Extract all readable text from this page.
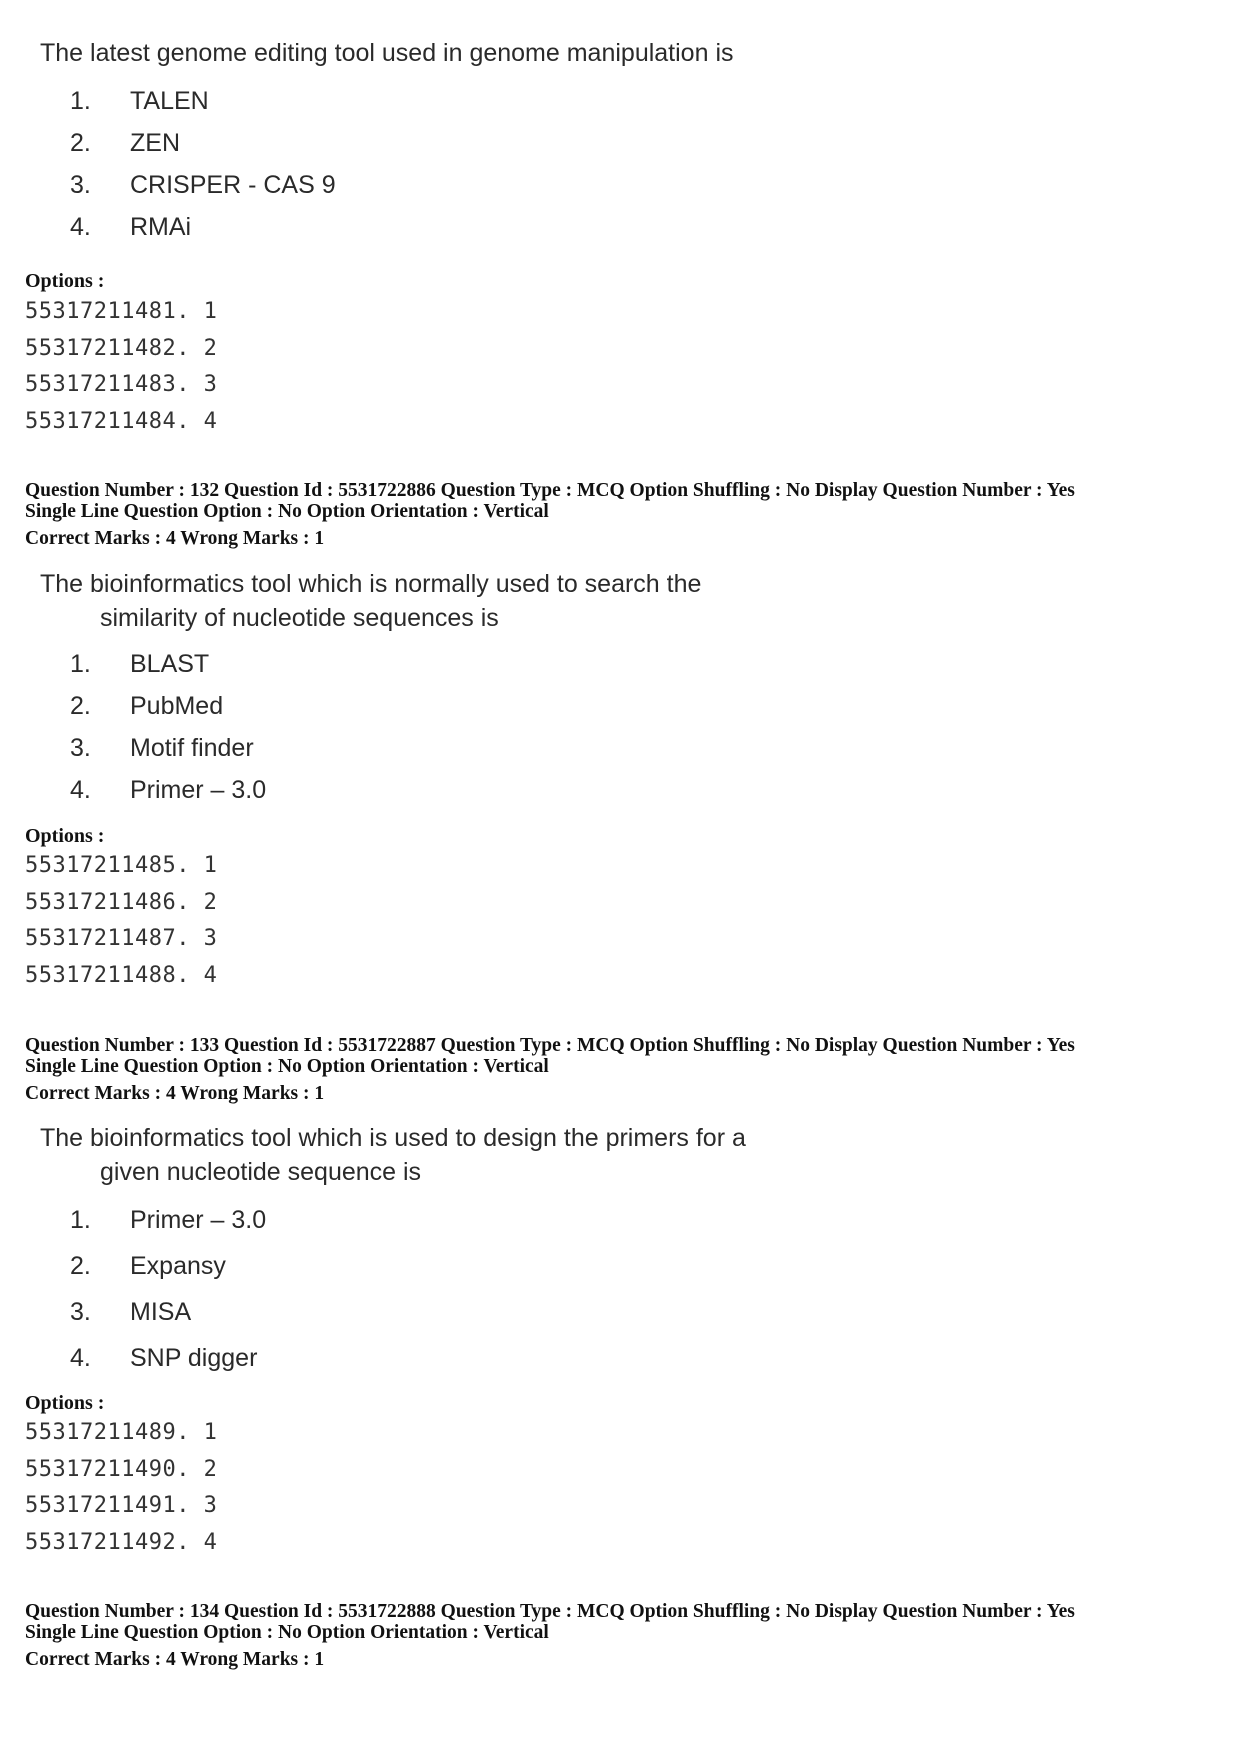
The latest genome editing tool used in genome manipulation is
1. TALEN
2. ZEN
3. CRISPER - CAS 9
4. RMAi
Options :
55317211481. 1
55317211482. 2
55317211483. 3
55317211484. 4
Question Number : 132 Question Id : 5531722886 Question Type : MCQ Option Shuffling : No Display Question Number : Yes
Single Line Question Option : No Option Orientation : Vertical
Correct Marks : 4 Wrong Marks : 1
The bioinformatics tool which is normally used to search the
similarity of nucleotide sequences is
1. BLAST
2. PubMed
3. Motif finder
4. Primer – 3.0
Options :
55317211485. 1
55317211486. 2
55317211487. 3
55317211488. 4
Question Number : 133 Question Id : 5531722887 Question Type : MCQ Option Shuffling : No Display Question Number : Yes
Single Line Question Option : No Option Orientation : Vertical
Correct Marks : 4 Wrong Marks : 1
The bioinformatics tool which is used to design the primers for a
given nucleotide sequence is
1. Primer – 3.0
2. Expansy
3. MISA
4. SNP digger
Options :
55317211489. 1
55317211490. 2
55317211491. 3
55317211492. 4
Question Number : 134 Question Id : 5531722888 Question Type : MCQ Option Shuffling : No Display Question Number : Yes
Single Line Question Option : No Option Orientation : Vertical
Correct Marks : 4 Wrong Marks : 1
